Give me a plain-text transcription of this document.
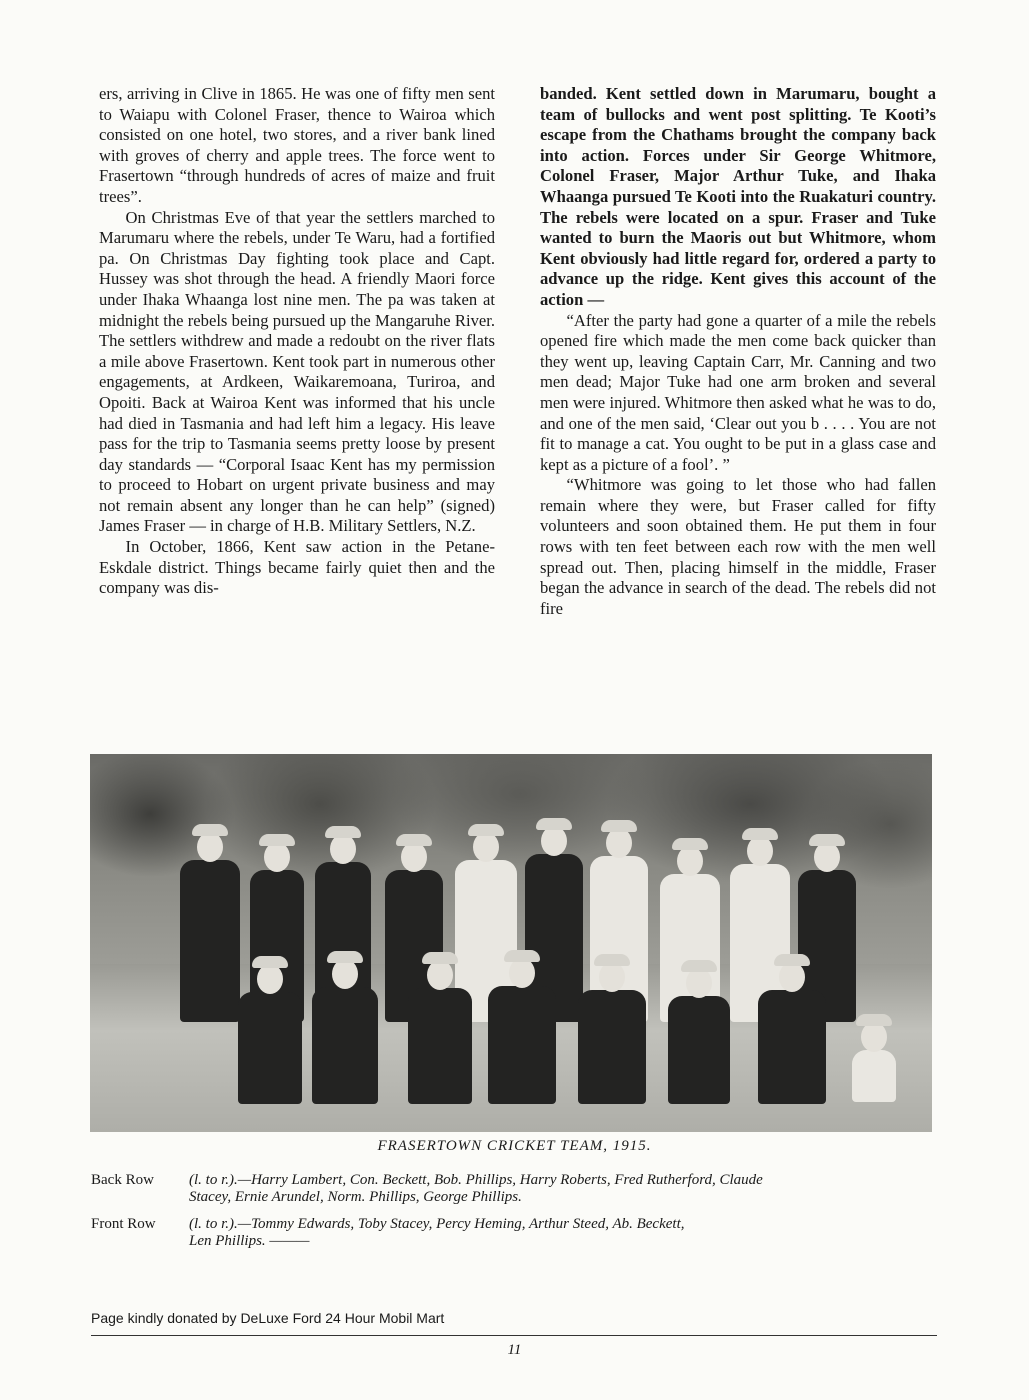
ers, arriving in Clive in 1865. He was one of fifty men sent to Waiapu with Colonel Fraser, thence to Wairoa which consisted on one hotel, two stores, and a river bank lined with groves of cherry and apple trees. The force went to Frasertown “through hundreds of acres of maize and fruit trees”.

On Christmas Eve of that year the settlers marched to Marumaru where the rebels, under Te Waru, had a fortified pa. On Christmas Day fighting took place and Capt. Hussey was shot through the head. A friendly Maori force under Ihaka Whaanga lost nine men. The pa was taken at midnight the rebels being pursued up the Mangaruhe River. The settlers withdrew and made a redoubt on the river flats a mile above Frasertown. Kent took part in numerous other engagements, at Ardkeen, Waikaremoana, Turiroa, and Opoiti. Back at Wairoa Kent was informed that his uncle had died in Tasmania and had left him a legacy. His leave pass for the trip to Tasmania seems pretty loose by present day standards — “Corporal Isaac Kent has my permission to proceed to Hobart on urgent private business and may not remain absent any longer than he can help” (signed) James Fraser — in charge of H.B. Military Settlers, N.Z.

In October, 1866, Kent saw action in the Petane-Eskdale district. Things became fairly quiet then and the company was dis-

banded. Kent settled down in Marumaru, bought a team of bullocks and went post splitting. Te Kooti’s escape from the Chathams brought the company back into action. Forces under Sir George Whitmore, Colonel Fraser, Major Arthur Tuke, and Ihaka Whaanga pursued Te Kooti into the Ruakaturi country. The rebels were located on a spur. Fraser and Tuke wanted to burn the Maoris out but Whitmore, whom Kent obviously had little regard for, ordered a party to advance up the ridge. Kent gives this account of the action —

“After the party had gone a quarter of a mile the rebels opened fire which made the men come back quicker than they went up, leaving Captain Carr, Mr. Canning and two men dead; Major Tuke had one arm broken and several men were injured. Whitmore then asked what he was to do, and one of the men said, ‘Clear out you b . . . . You are not fit to manage a cat. You ought to be put in a glass case and kept as a picture of a fool’. ”

“Whitmore was going to let those who had fallen remain where they were, but Fraser called for fifty volunteers and soon obtained them. He put them in four rows with ten feet between each row with the men well spread out. Then, placing himself in the middle, Fraser began the advance in search of the dead. The rebels did not fire

FRASERTOWN CRICKET TEAM, 1915.
Back Row (l. to r.).—Harry Lambert, Con. Beckett, Bob. Phillips, Harry Roberts, Fred Rutherford, Claude
Stacey, Ernie Arundel, Norm. Phillips, George Phillips.
Front Row (l. to r.).—Tommy Edwards, Toby Stacey, Percy Heming, Arthur Steed, Ab. Beckett,
Len Phillips. ———
Page kindly donated by DeLuxe Ford 24 Hour Mobil Mart
11
